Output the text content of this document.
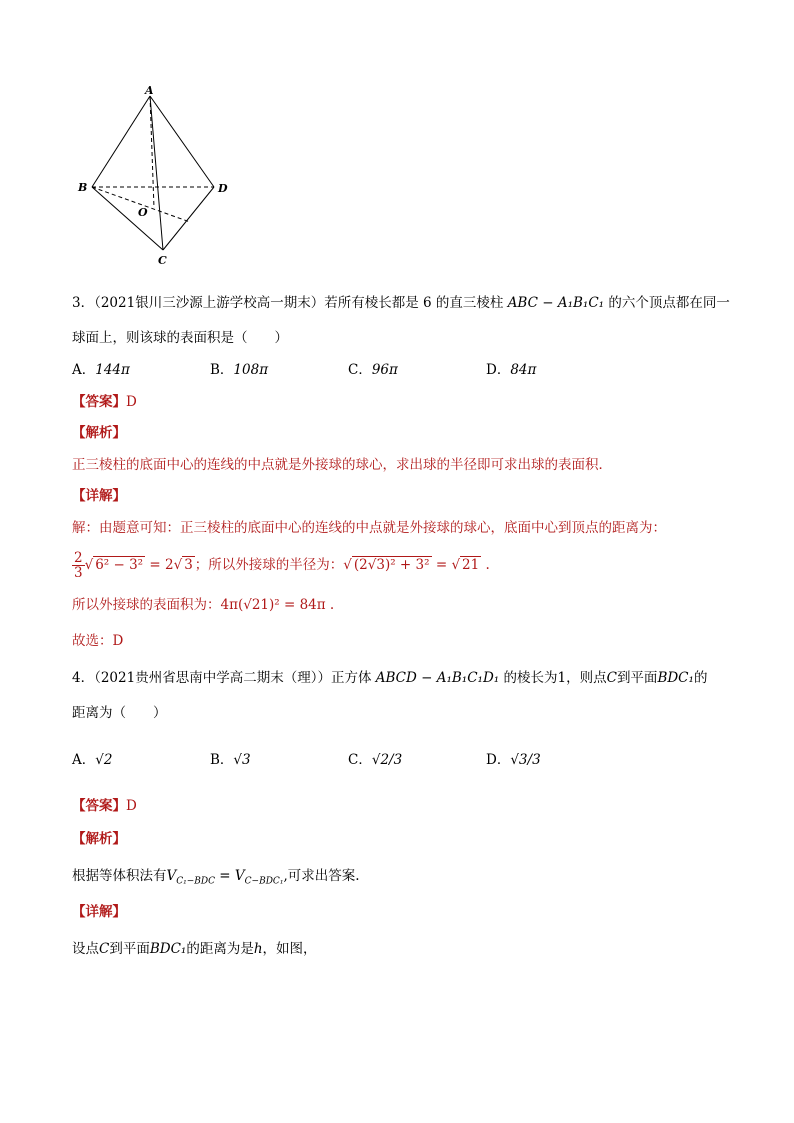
A
B	D
C
O
3．（2021银川三沙源上游学校高一期末）若所有棱长都是 6 的直三棱柱 ABC − A₁B₁C₁ 的六个顶点都在同一
球面上，则该球的表面积是（　　）
A．144π	B．108π	C．96π	D．84π
【答案】D
【解析】
正三棱柱的底面中心的连线的中点就是外接球的球心，求出球的半径即可求出球的表面积．
【详解】
解：由题意可知：正三棱柱的底面中心的连线的中点就是外接球的球心，底面中心到顶点的距离为：
$\frac{2}{3}$ √ 6² − 3² = 2√ 3 ；所以外接球的半径为：√ (2√3)² + 3² = √ 21 .
所以外接球的表面积为：4π(√21)² = 84π .
故选：D
4．（2021贵州省思南中学高二期末（理））正方体 ABCD − A₁B₁C₁D₁ 的棱长为1，则点C到平面BDC₁的
距离为（　　）
A．√2	B．√3	C．√2/3	D．√3/3
【答案】D
【解析】
根据等体积法有$V_{C_1-BDC} = V_{C-BDC_1}$,可求出答案.
【详解】
设点C到平面BDC₁的距离为是h，如图，
